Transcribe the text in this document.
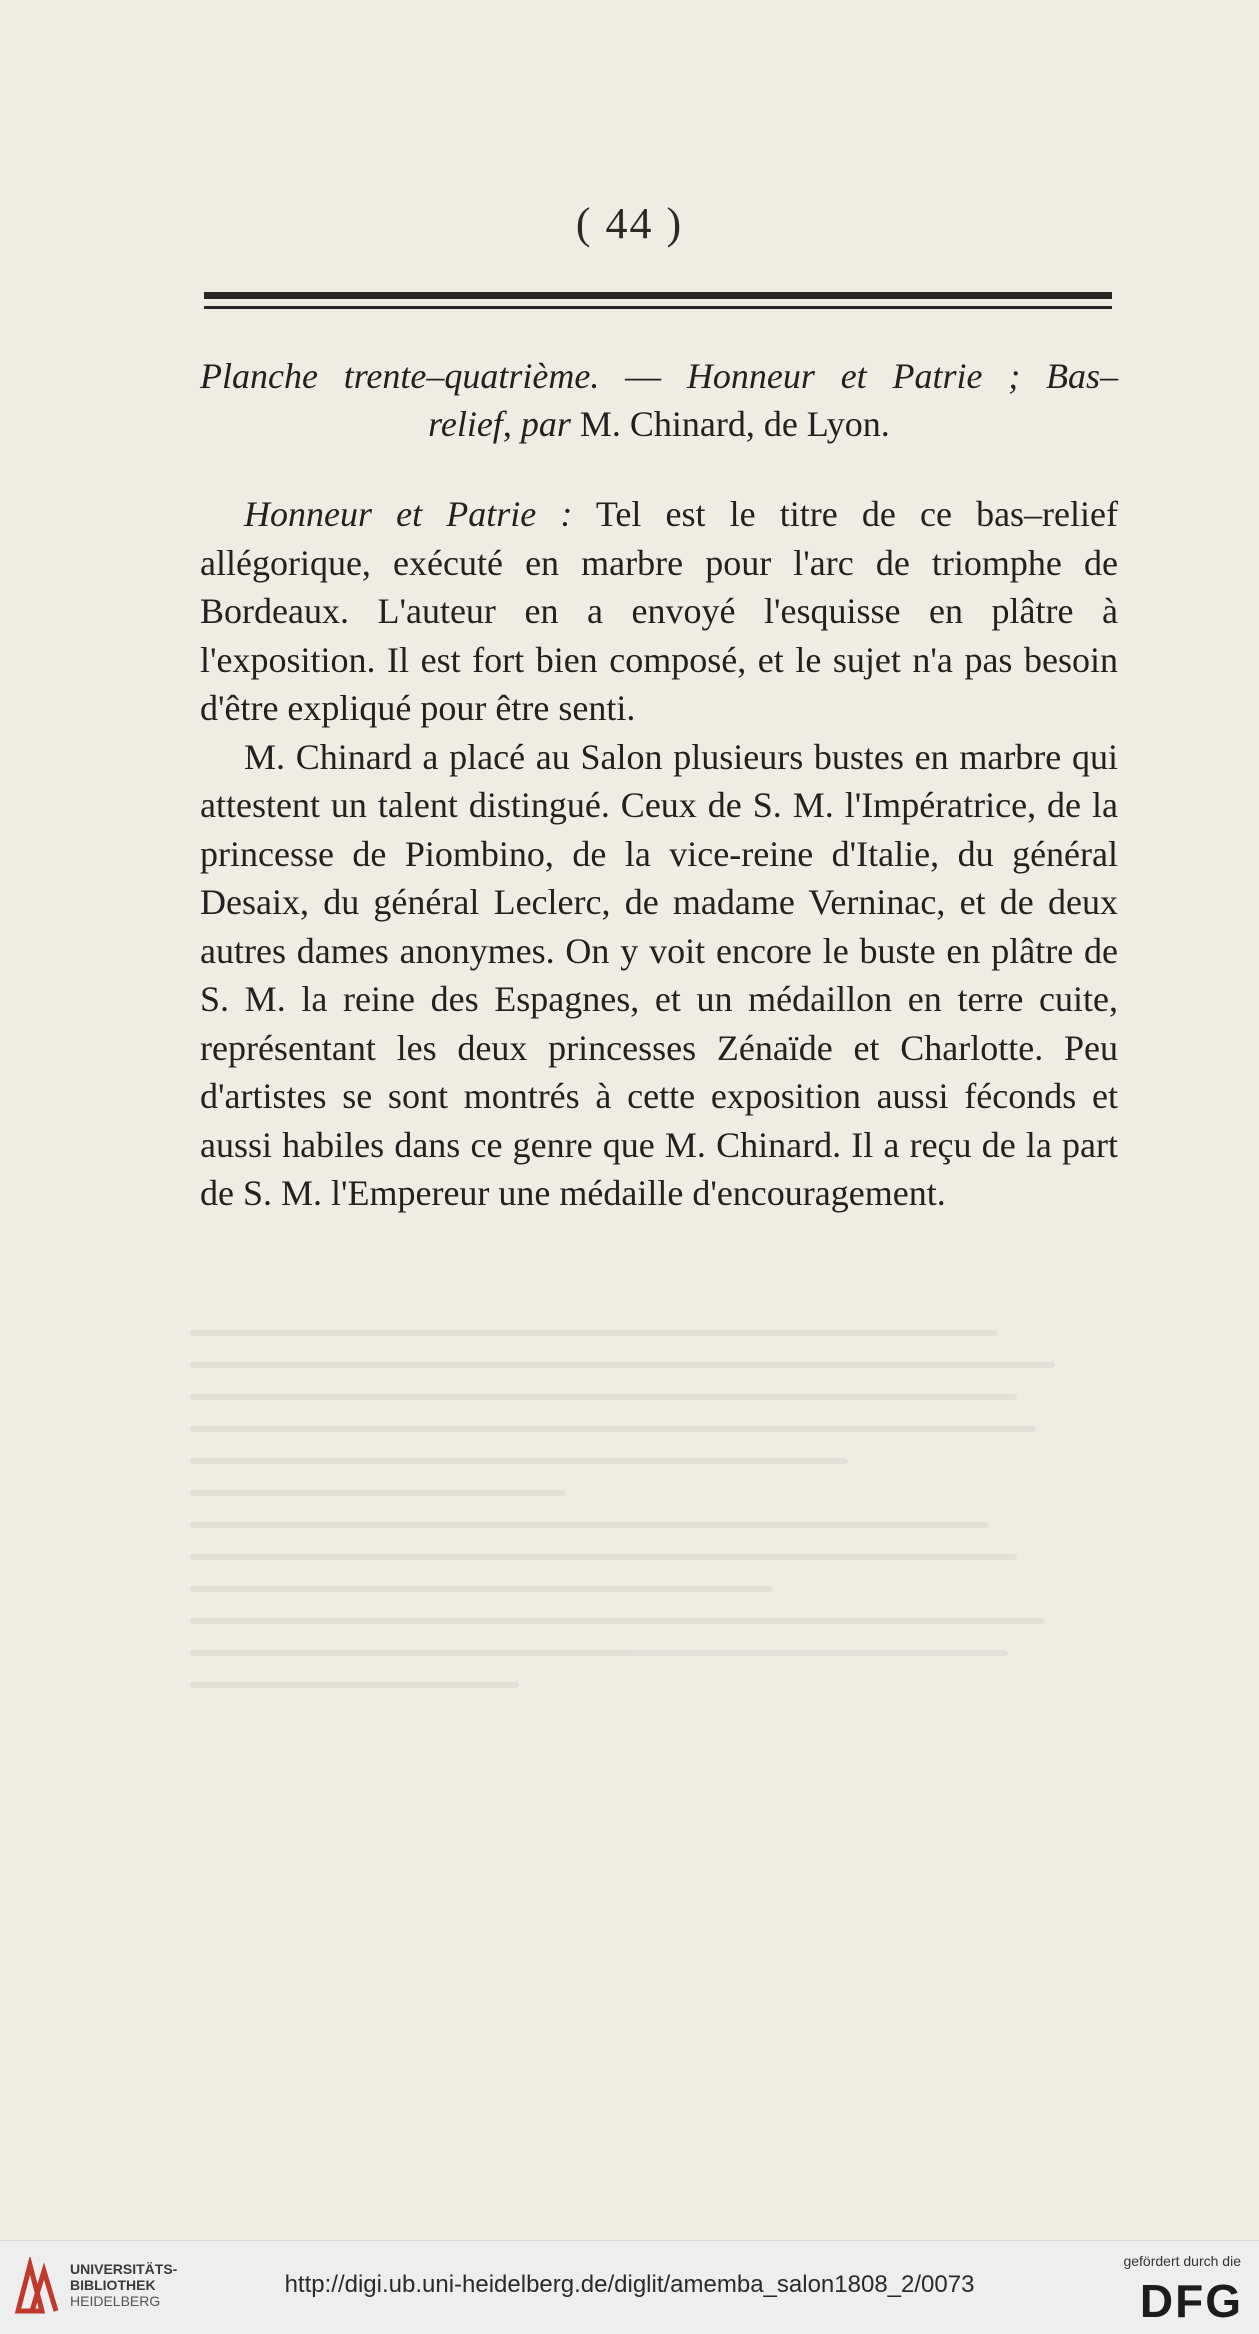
( 44 )
Planche trente–quatrième. — Honneur et Patrie ; Bas–
relief, par M. Chinard, de Lyon.

Honneur et Patrie : Tel est le titre de ce bas–relief allégorique, exécuté en marbre pour l'arc de triomphe de Bordeaux. L'auteur en a envoyé l'esquisse en plâtre à l'exposition. Il est fort bien composé, et le sujet n'a pas besoin d'être expliqué pour être senti.

M. Chinard a placé au Salon plusieurs bustes en marbre qui attestent un talent distingué. Ceux de S. M. l'Impératrice, de la princesse de Piombino, de la vice-reine d'Italie, du général Desaix, du général Leclerc, de madame Verninac, et de deux autres dames anonymes. On y voit encore le buste en plâtre de S. M. la reine des Espagnes, et un médaillon en terre cuite, représentant les deux princesses Zénaïde et Charlotte. Peu d'artistes se sont montrés à cette exposition aussi féconds et aussi habiles dans ce genre que M. Chinard. Il a reçu de la part de S. M. l'Empereur une médaille d'encouragement.

UNIVERSITÄTS-
BIBLIOTHEK
HEIDELBERG
http://digi.ub.uni-heidelberg.de/diglit/amemba_salon1808_2/0073
gefördert durch die
DFG
